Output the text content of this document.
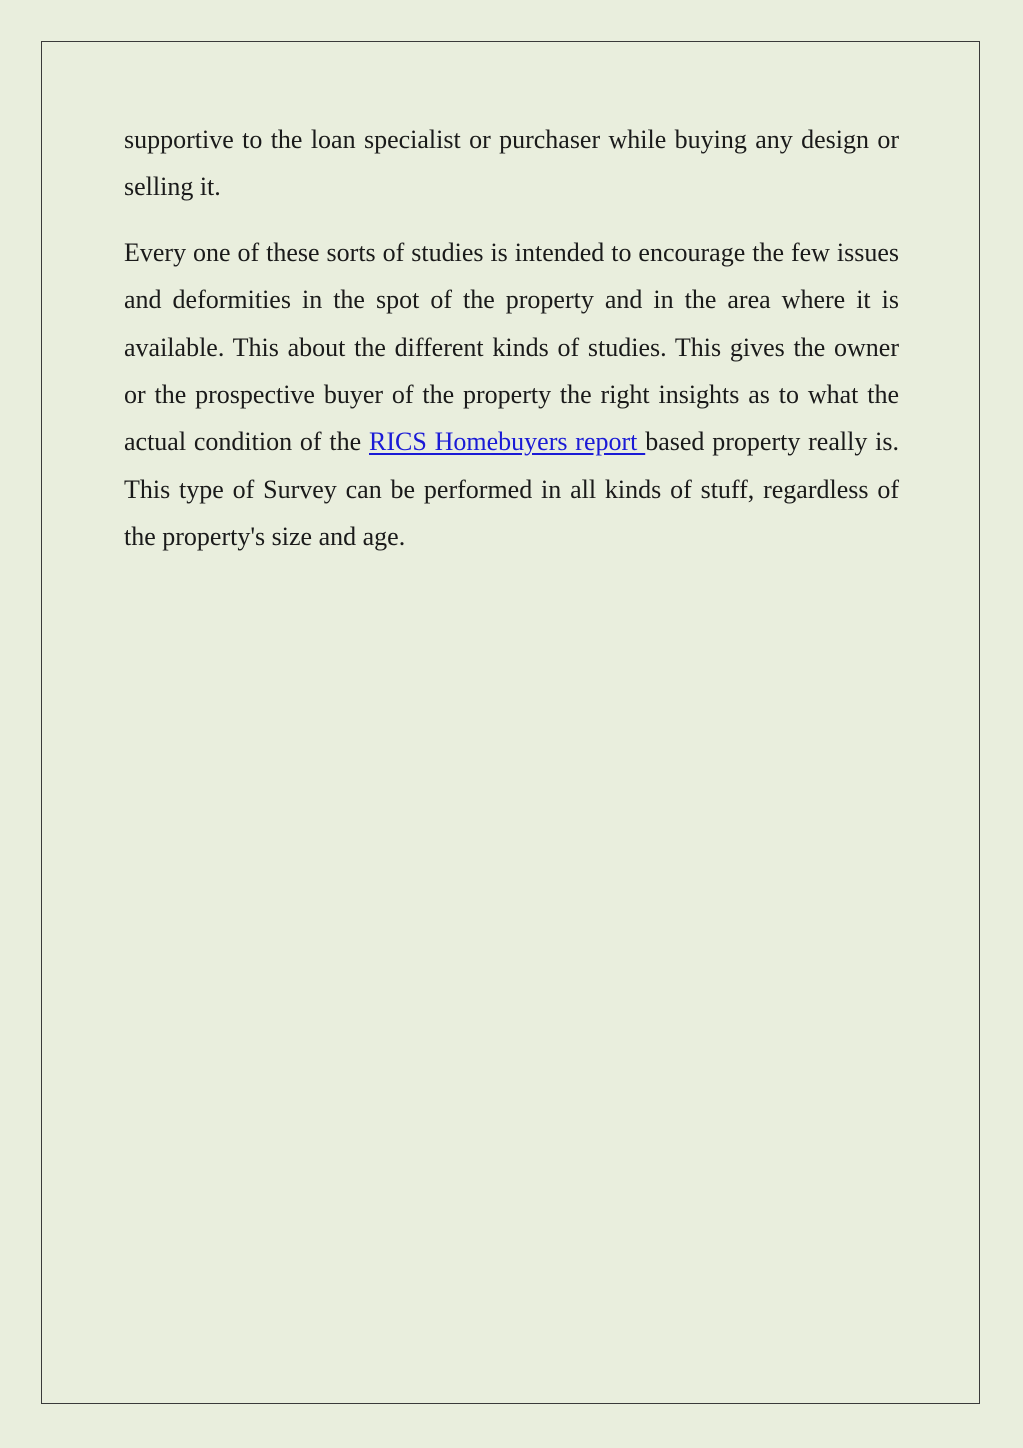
supportive to the loan specialist or purchaser while buying any design or selling it.

Every one of these sorts of studies is intended to encourage the few issues and deformities in the spot of the property and in the area where it is available. This about the different kinds of studies. This gives the owner or the prospective buyer of the property the right insights as to what the actual condition of the RICS Homebuyers report based property really is. This type of Survey can be performed in all kinds of stuff, regardless of the property's size and age.
